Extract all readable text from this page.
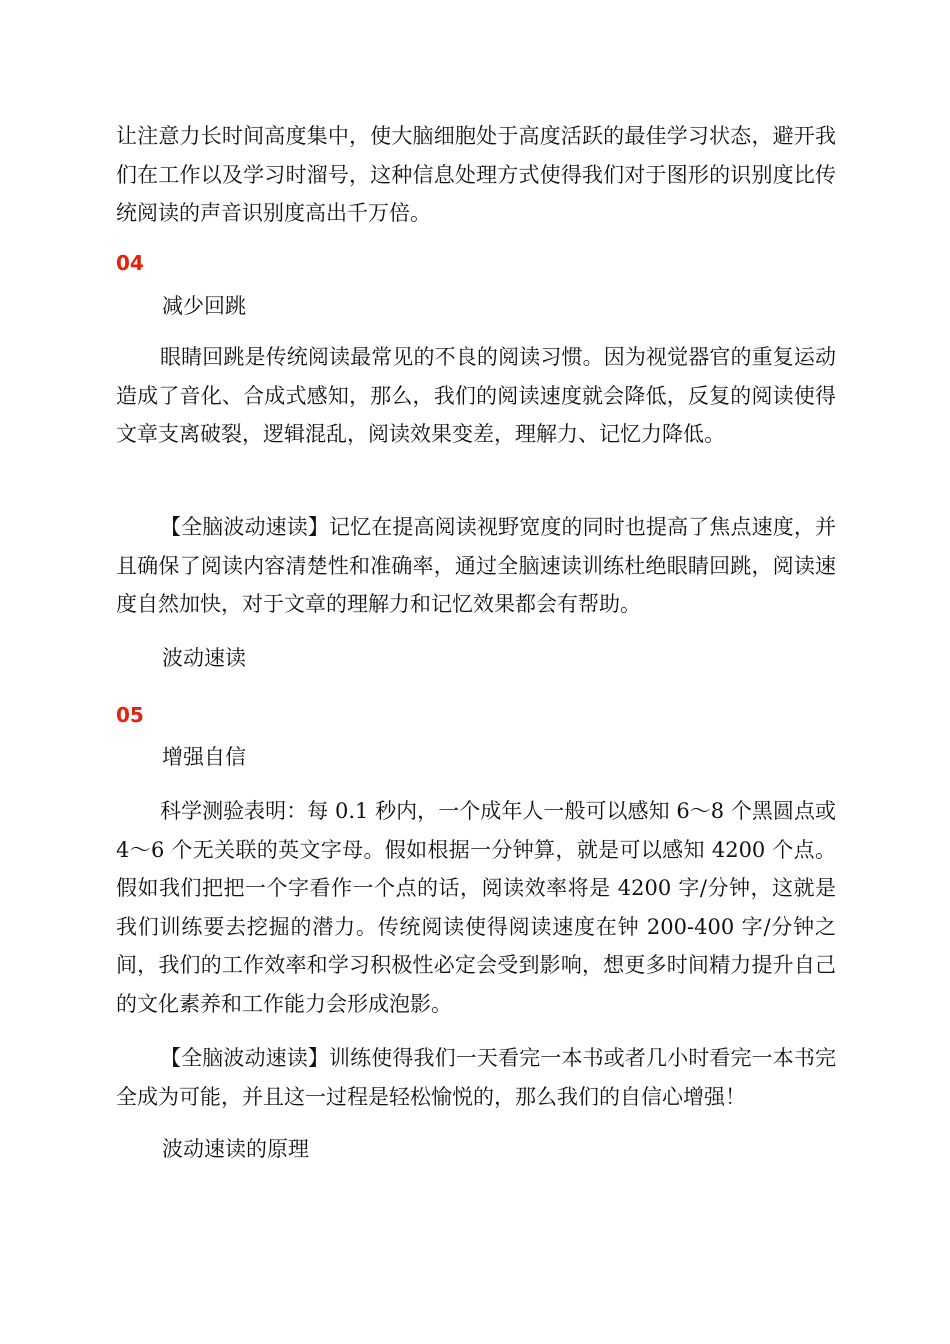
让注意力长时间高度集中，使大脑细胞处于高度活跃的最佳学习状态，避开我们在工作以及学习时溜号，这种信息处理方式使得我们对于图形的识别度比传统阅读的声音识别度高出千万倍。

04

减少回跳

眼睛回跳是传统阅读最常见的不良的阅读习惯。因为视觉器官的重复运动造成了音化、合成式感知，那么，我们的阅读速度就会降低，反复的阅读使得文章支离破裂，逻辑混乱，阅读效果变差，理解力、记忆力降低。

【全脑波动速读】记忆在提高阅读视野宽度的同时也提高了焦点速度，并且确保了阅读内容清楚性和准确率，通过全脑速读训练杜绝眼睛回跳，阅读速度自然加快，对于文章的理解力和记忆效果都会有帮助。

波动速读

05

增强自信

科学测验表明：每 0.1 秒内，一个成年人一般可以感知 6～8 个黑圆点或 4～6 个无关联的英文字母。假如根据一分钟算，就是可以感知 4200 个点。假如我们把把一个字看作一个点的话，阅读效率将是 4200 字/分钟，这就是我们训练要去挖掘的潜力。传统阅读使得阅读速度在钟 200-400 字/分钟之间，我们的工作效率和学习积极性必定会受到影响，想更多时间精力提升自己的文化素养和工作能力会形成泡影。

【全脑波动速读】训练使得我们一天看完一本书或者几小时看完一本书完全成为可能，并且这一过程是轻松愉悦的，那么我们的自信心增强！

波动速读的原理
